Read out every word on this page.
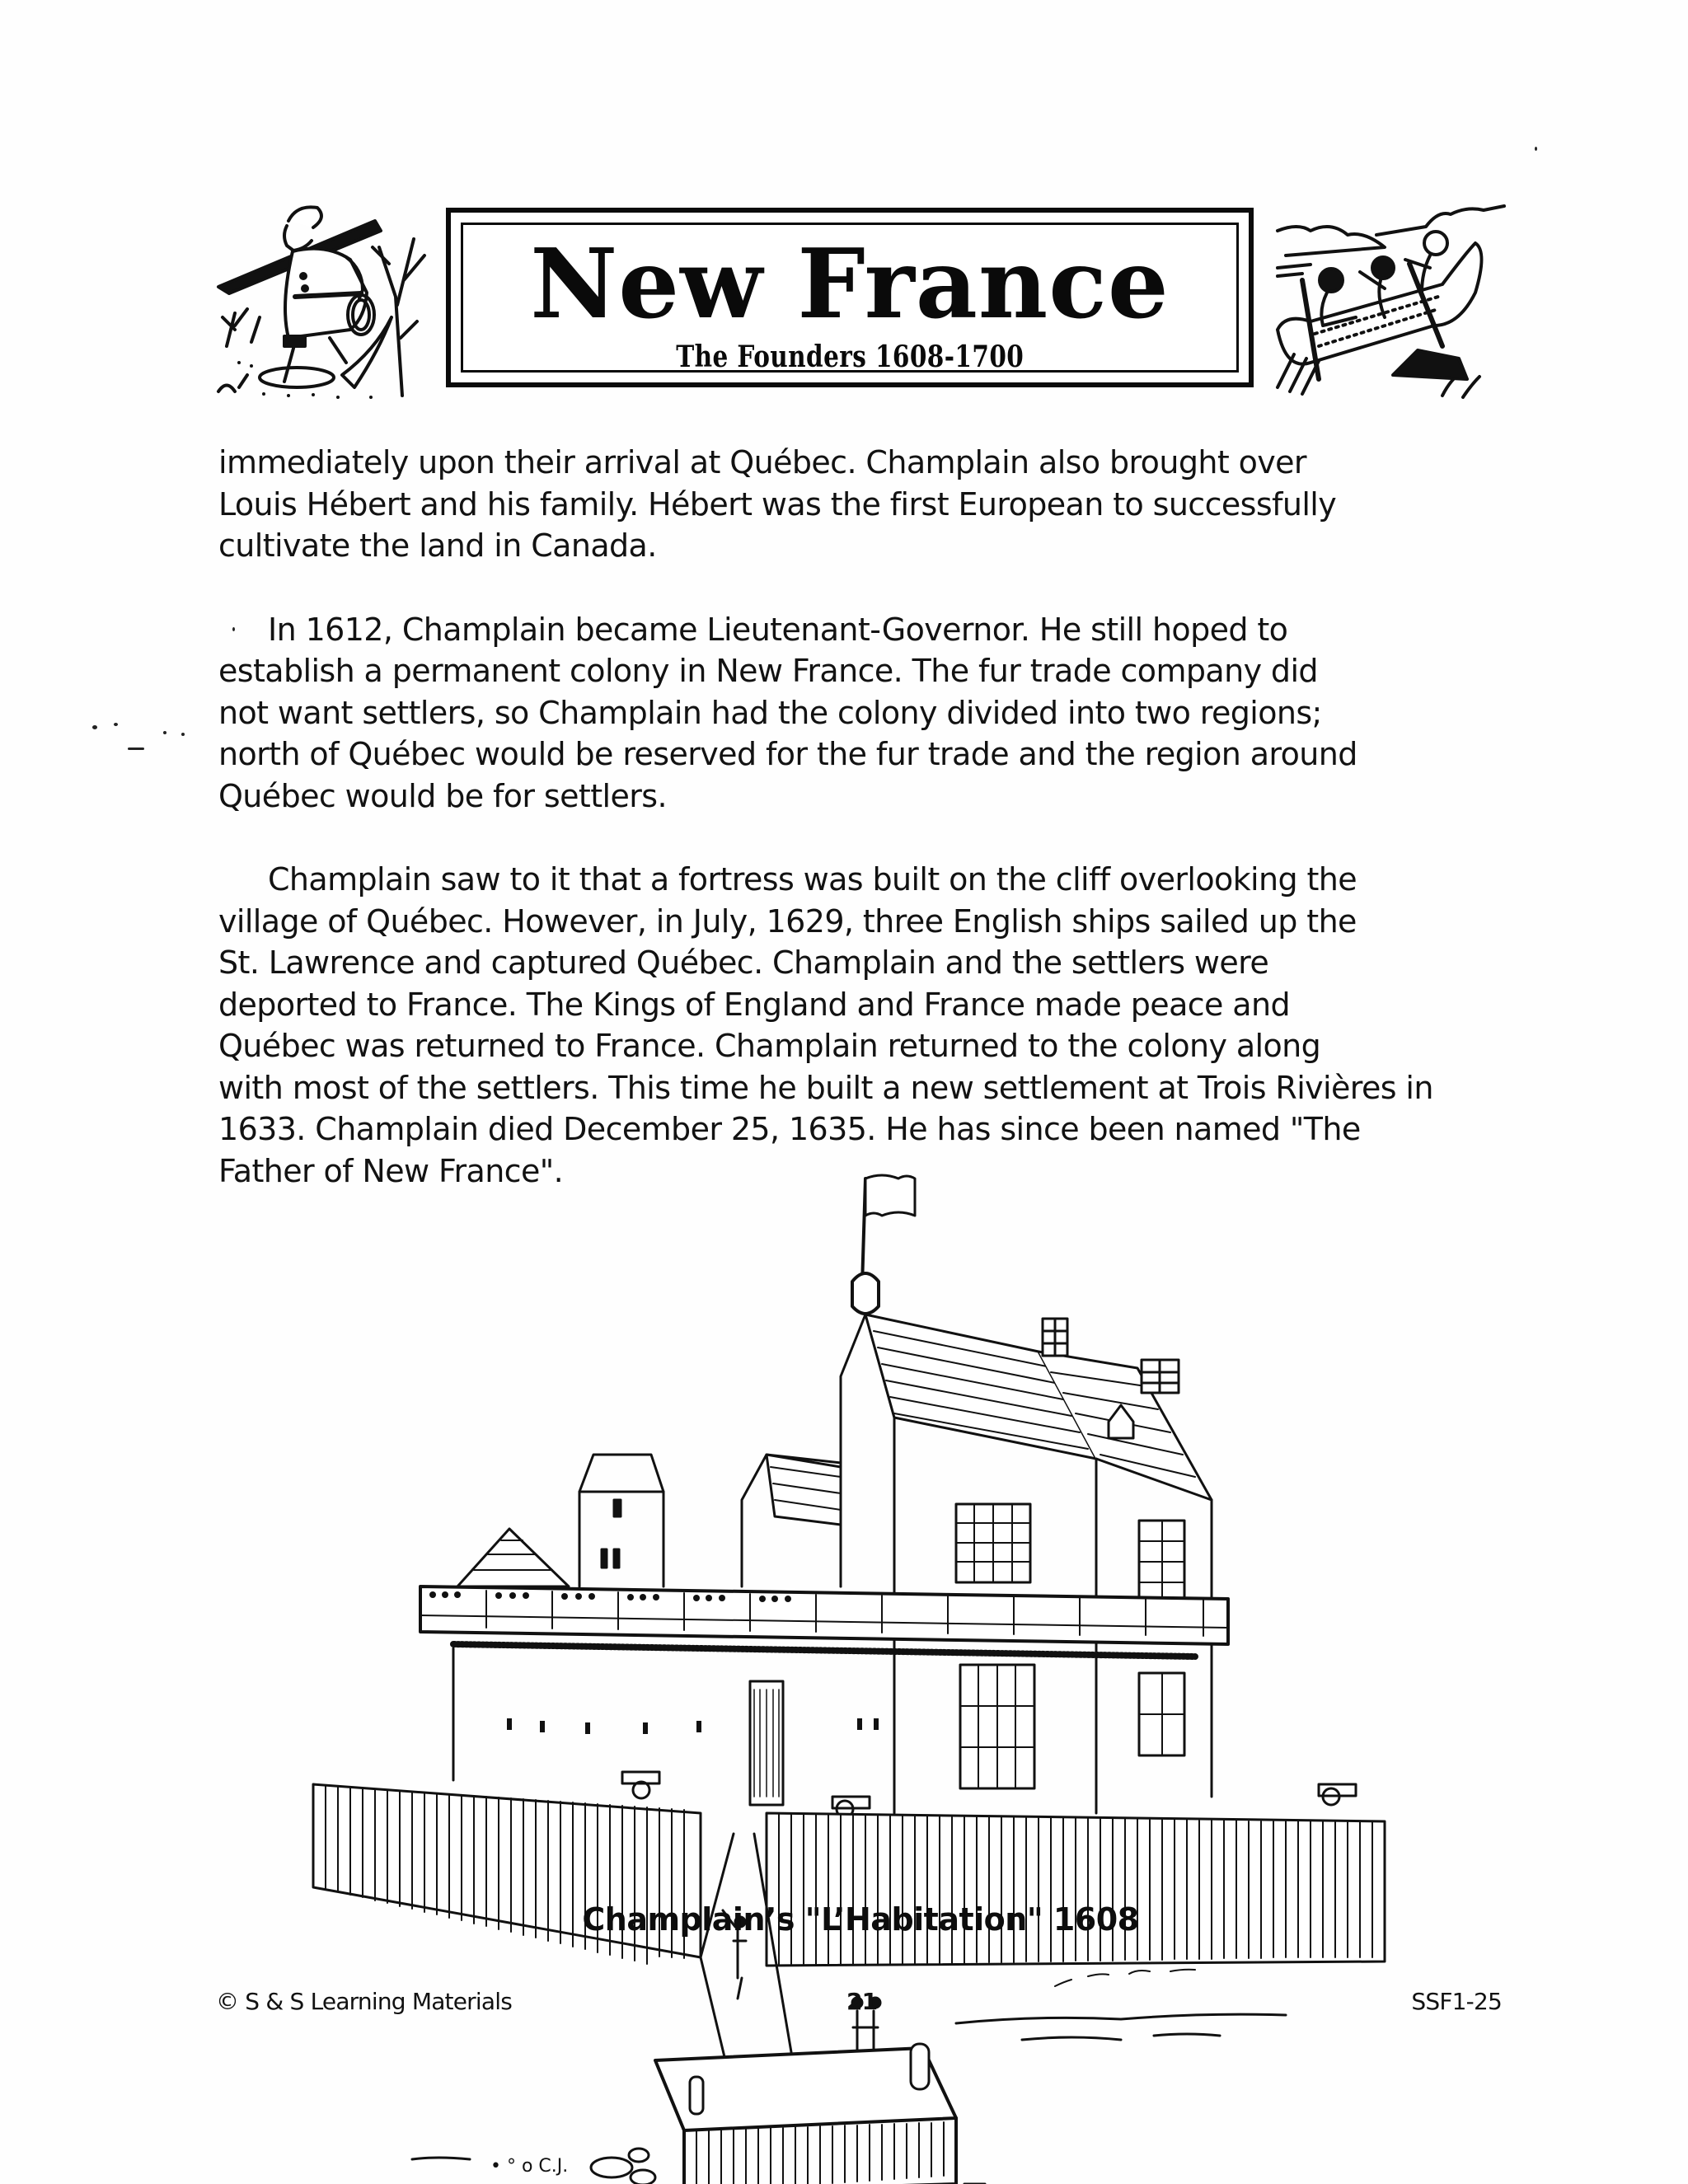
New France
The Founders 1608-1700

immediately upon their arrival at Québec. Champlain also brought over
Louis Hébert and his family. Hébert was the first European to successfully
cultivate the land in Canada.

In 1612, Champlain became Lieutenant-Governor. He still hoped to
establish a permanent colony in New France. The fur trade company did
not want settlers, so Champlain had the colony divided into two regions;
north of Québec would be reserved for the fur trade and the region around
Québec would be for settlers.

Champlain saw to it that a fortress was built on the cliff overlooking the
village of Québec. However, in July, 1629, three English ships sailed up the
St. Lawrence and captured Québec. Champlain and the settlers were
deported to France. The Kings of England and France made peace and
Québec was returned to France. Champlain returned to the colony along
with most of the settlers. This time he built a new settlement at Trois Rivières in
1633. Champlain died December 25, 1635. He has since been named "The
Father of New France".

• ° o C.J.
Champlain’s "L’Habitation" 1608
© S & S Learning Materials	21	SSF1-25
